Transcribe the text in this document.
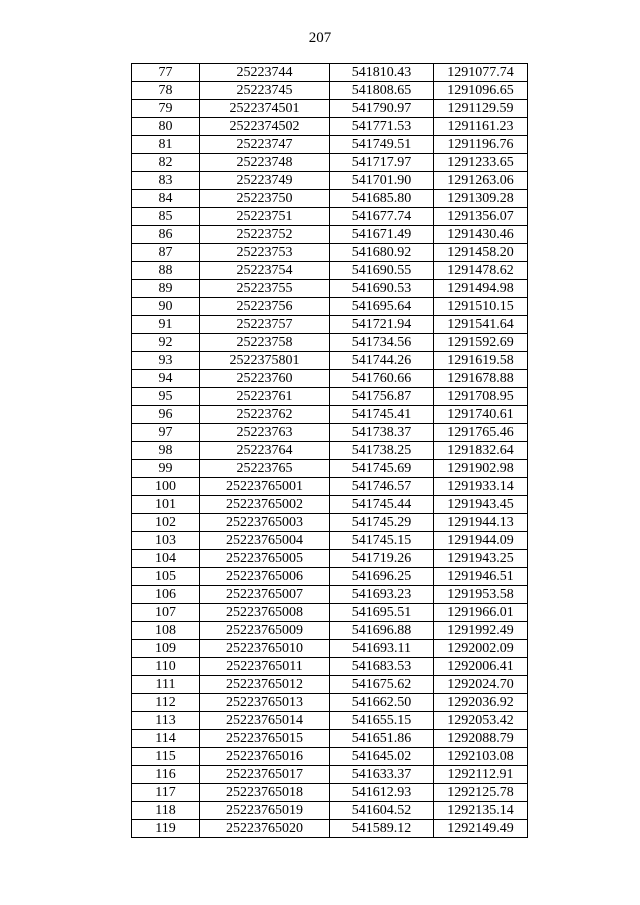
207
77	25223744	541810.43	1291077.74
78	25223745	541808.65	1291096.65
79	2522374501	541790.97	1291129.59
80	2522374502	541771.53	1291161.23
81	25223747	541749.51	1291196.76
82	25223748	541717.97	1291233.65
83	25223749	541701.90	1291263.06
84	25223750	541685.80	1291309.28
85	25223751	541677.74	1291356.07
86	25223752	541671.49	1291430.46
87	25223753	541680.92	1291458.20
88	25223754	541690.55	1291478.62
89	25223755	541690.53	1291494.98
90	25223756	541695.64	1291510.15
91	25223757	541721.94	1291541.64
92	25223758	541734.56	1291592.69
93	2522375801	541744.26	1291619.58
94	25223760	541760.66	1291678.88
95	25223761	541756.87	1291708.95
96	25223762	541745.41	1291740.61
97	25223763	541738.37	1291765.46
98	25223764	541738.25	1291832.64
99	25223765	541745.69	1291902.98
100	25223765001	541746.57	1291933.14
101	25223765002	541745.44	1291943.45
102	25223765003	541745.29	1291944.13
103	25223765004	541745.15	1291944.09
104	25223765005	541719.26	1291943.25
105	25223765006	541696.25	1291946.51
106	25223765007	541693.23	1291953.58
107	25223765008	541695.51	1291966.01
108	25223765009	541696.88	1291992.49
109	25223765010	541693.11	1292002.09
110	25223765011	541683.53	1292006.41
111	25223765012	541675.62	1292024.70
112	25223765013	541662.50	1292036.92
113	25223765014	541655.15	1292053.42
114	25223765015	541651.86	1292088.79
115	25223765016	541645.02	1292103.08
116	25223765017	541633.37	1292112.91
117	25223765018	541612.93	1292125.78
118	25223765019	541604.52	1292135.14
119	25223765020	541589.12	1292149.49
